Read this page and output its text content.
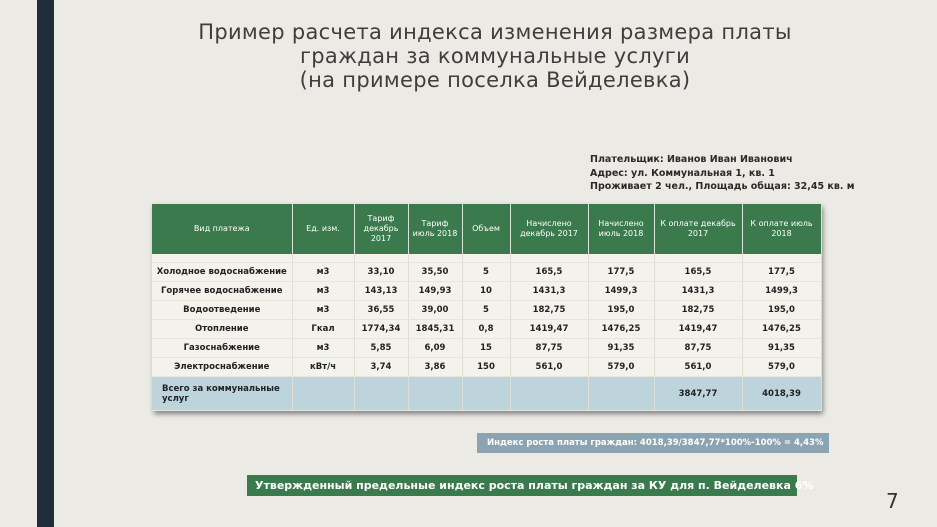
Пример расчета индекса изменения размера платы
граждан за коммунальные услуги
(на примере поселка Вейделевка)
Плательщик: Иванов Иван Иванович
Адрес: ул. Коммунальная 1, кв. 1
Проживает 2 чел., Площадь общая: 32,45 кв. м
Вид платежа	Ед. изм.	Тариф декабрь 2017	Тариф июль 2018	Объем	Начислено декабрь 2017	Начислено июль 2018	К оплате декабрь 2017	К оплате июль 2018

Холодное водоснабжение	м3	33,10	35,50	5	165,5	177,5	165,5	177,5
Горячее водоснабжение	м3	143,13	149,93	10	1431,3	1499,3	1431,3	1499,3
Водоотведение	м3	36,55	39,00	5	182,75	195,0	182,75	195,0
Отопление	Гкал	1774,34	1845,31	0,8	1419,47	1476,25	1419,47	1476,25
Газоснабжение	м3	5,85	6,09	15	87,75	91,35	87,75	91,35
Электроснабжение	кВт/ч	3,74	3,86	150	561,0	579,0	561,0	579,0
Всего за коммунальные услуг							3847,77	4018,39
Индекс роста платы граждан: 4018,39/3847,77*100%-100% = 4,43%
Утвержденный предельные индекс роста платы граждан за КУ для п. Вейделевка 6%
7
